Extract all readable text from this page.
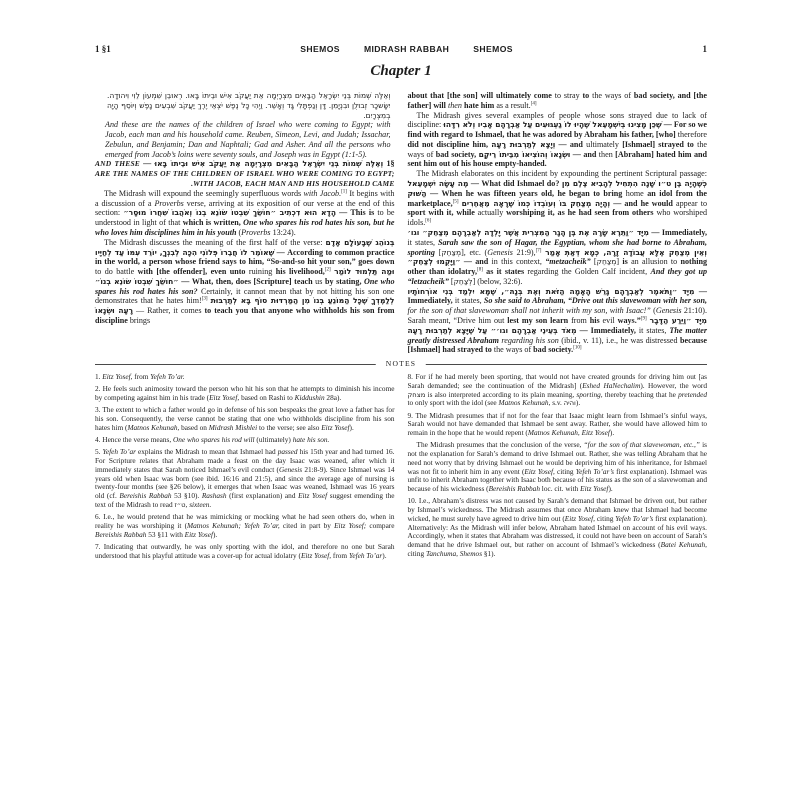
1 §1	SHEMOS	MIDRASH RABBAH	SHEMOS	1
Chapter 1

וְאֵלֶּה שְׁמוֹת בְּנֵי יִשְׂרָאֵל הַבָּאִים מִצְרָיְמָה אֵת יַעֲקֹב אִישׁ וּבֵיתוֹ בָּאוּ. רְאוּבֵן שִׁמְעוֹן לֵוִי וִיהוּדָה. יִשָּׂשכָר זְבוּלֻן וּבִנְיָמִן. דָּן וְנַפְתָּלִי גָּד וְאָשֵׁר. וַיְהִי כָּל נֶפֶשׁ יֹצְאֵי יֶרֶךְ יַעֲקֹב שִׁבְעִים נָפֶשׁ וְיוֹסֵף הָיָה בְמִצְרָיִם.

And these are the names of the children of Israel who were coming to Egypt; with Jacob, each man and his household came. Reuben, Simeon, Levi, and Judah; Issachar, Zebulun, and Benjamin; Dan and Naphtali; Gad and Asher. And all the persons who emerged from Jacob’s loins were seventy souls, and Joseph was in Egypt (1:1-5).

§1 וְאֵלֶּה שְׁמוֹת בְּנֵי יִשְׂרָאֵל הַבָּאִים מִצְרָיְמָה אֵת יַעֲקֹב אִישׁ וּבֵיתוֹ בָּאוּ — AND THESE ARE THE NAMES OF THE CHILDREN OF ISRAEL WHO WERE COMING TO EGYPT; WITH JACOB, EACH MAN AND HIS HOUSEHOLD CAME.

The Midrash will expound the seemingly superfluous words with Jacob.[1] It begins with a discussion of a Proverbs verse, arriving at its exposition of our verse at the end of this section: הָדָא הוּא דִכְתִיב ״חוֹשֵׂךְ שִׁבְטוֹ שׂוֹנֵא בְנוֹ וְאֹהֲבוֹ שִׁחֲרוֹ מוּסָר״ — This is to be understood in light of that which is written, One who spares his rod hates his son, but he who loves him disciplines him in his youth (Proverbs 13:24).

The Midrash discusses the meaning of the first half of the verse: בְּנוֹהֵג שֶׁבָּעוֹלָם אָדָם שֶׁאוֹמֵר לוֹ חֲבֵרוֹ פְּלוֹנִי הִכָּה לְבִנְךָ, יוֹרֵד עִמּוֹ עַד לְחַיָּיו — According to common practice in the world, a person whose friend says to him, “So-and-so hit your son,” goes down to do battle with [the offender], even unto ruining his livelihood,[2] וּמַה תַּלְמוּד לוֹמַר ״חוֹשֵׂךְ שִׁבְטוֹ שׂוֹנֵא בְנוֹ״ — What, then, does [Scripture] teach us by stating, One who spares his rod hates his son? Certainly, it cannot mean that by not hitting his son one demonstrates that he hates him![3] לְלַמֶּדְךָ שֶׁכָּל הַמּוֹנֵעַ בְּנוֹ מִן הַמַּרְדּוּת סוֹף בָּא לְתַרְבּוּת רָעָה וּשְׂנָאוֹ — Rather, it comes to teach you that anyone who withholds his son from discipline brings

about that [the son] will ultimately come to stray to the ways of bad society, and [the father] will then hate him as a result.[4]

The Midrash gives several examples of people whose sons strayed due to lack of discipline: שֶׁכֵּן מָצִינוּ בְּיִשְׁמָעֵאל שֶׁהָיוּ לוֹ גַעְגּוּעִים עַל אַבְרָהָם אָבִיו וְלֹא רִדָּהוּ — For so we find with regard to Ishmael, that he was adored by Abraham his father, [who] therefore did not discipline him, וְיָצָא לְתַרְבּוּת רָעָה — and ultimately [Ishmael] strayed to the ways of bad society, וּשְׂנָאוֹ וְהוֹצִיאוֹ מִבֵּיתוֹ רֵיקָם — and then [Abraham] hated him and sent him out of his house empty-handed.

The Midrash elaborates on this incident by expounding the pertinent Scriptural passage: מֶה עָשָׂה יִשְׁמָעֵאל — What did Ishmael do? כְּשֶׁהָיָה בֶּן ט״ו שָׁנָה הִתְחִיל לְהָבִיא צֶלֶם מִן הַשּׁוּק — When he was fifteen years old, he began to bring home an idol from the marketplace,[5] וְהָיָה מְצַחֵק בּוֹ וְעוֹבְדוֹ כְּמוֹ שֶׁרָאָה מֵאֲחֵרִים — and he would appear to sport with it, while actually worshiping it, as he had seen from others who worshiped idols.[6]

מִיָּד ״וַתֵּרֶא שָׂרָה אֶת בֶּן הָגָר הַמִּצְרִית אֲשֶׁר יָלְדָה לְאַבְרָהָם מְצַחֵק״ וגו׳ — Immediately, it states, Sarah saw the son of Hagar, the Egyptian, whom she had borne to Abraham, sporting [מְצַחֵק], etc. (Genesis 21:9),[7] וְאֵין מְצַחֵק אֶלָּא עֲבוֹדָה זָרָה, כְּמָא דְּאַתְּ אָמַר ״וַיָּקֻמוּ לְצַחֵק״ — and in this context, “metzacheik” [מְצַחֵק] is an allusion to nothing other than idolatry,[8] as it states regarding the Golden Calf incident, And they got up “letzacheik” [לְצַחֵק] (below, 32:6).

מִיָּד ״וַתֹּאמֶר לְאַבְרָהָם גָּרֵשׁ הָאָמָה הַזֹּאת וְאֶת בְּנָהּ״, שֶׁמָּא יִלְמַד בְּנִי אוֹרְחוֹתָיו — Immediately, it states, So she said to Abraham, “Drive out this slavewoman with her son, for the son of that slavewoman shall not inherit with my son, with Isaac!” (Genesis 21:10). Sarah meant, “Drive him out lest my son learn from his evil ways.”[9] מִיָּד ״וַיֵּרַע הַדָּבָר מְאֹד בְּעֵינֵי אַבְרָהָם וגו׳״ עַל שֶׁיָּצָא לְתַרְבּוּת רָעָה — Immediately, it states, The matter greatly distressed Abraham regarding his son (ibid., v. 11), i.e., he was distressed because [Ishmael] had strayed to the ways of bad society.[10]

NOTES

1. Eitz Yosef, from Yefeh To’ar.

2. He feels such animosity toward the person who hit his son that he attempts to diminish his income by competing against him in his trade (Eitz Yosef, based on Rashi to Kiddushin 28a).

3. The extent to which a father would go in defense of his son bespeaks the great love a father has for his son. Consequently, the verse cannot be stating that one who withholds discipline from his son hates him (Matnos Kehunah, based on Midrash Mishlei to the verse; see also Eitz Yosef).

4. Hence the verse means, One who spares his rod will (ultimately) hate his son.

5. Yefeh To’ar explains the Midrash to mean that Ishmael had passed his 15th year and had turned 16. For Scripture relates that Abraham made a feast on the day Isaac was weaned, after which it immediately states that Sarah noticed Ishmael’s evil conduct (Genesis 21:8-9). Since Ishmael was 14 years old when Isaac was born (see ibid. 16:16 and 21:5), and since the average age of nursing is twenty-four months (see §26 below), it emerges that when Isaac was weaned, Ishmael was 16 years old (cf. Bereishis Rabbah 53 §10). Rashash (first explanation) and Eitz Yosef suggest emending the text of the Midrash to read ט״ז, sixteen.

6. I.e., he would pretend that he was mimicking or mocking what he had seen others do, when in reality he was worshiping it (Matnos Kehunah; Yefeh To’ar, cited in part by Eitz Yosef; compare Bereishis Rabbah 53 §11 with Eitz Yosef).

7. Indicating that outwardly, he was only sporting with the idol, and therefore no one but Sarah understood that his playful attitude was a cover-up for actual idolatry (Eitz Yosef, from Yefeh To’ar).

8. For if he had merely been sporting, that would not have created grounds for driving him out [as Sarah demanded; see the continuation of the Midrash] (Eshed HaNechalim). However, the word מצחק is also interpreted according to its plain meaning, sporting, thereby teaching that he pretended to only sport with the idol (see Matnos Kehunah, s.v. והיה).

9. The Midrash presumes that if not for the fear that Isaac might learn from Ishmael’s sinful ways, Sarah would not have demanded that Ishmael be sent away. Rather, she would have allowed him to remain in the hope that he would repent (Matnos Kehunah, Eitz Yosef).

The Midrash presumes that the conclusion of the verse, “for the son of that slavewoman, etc.,” is not the explanation for Sarah’s demand to drive Ishmael out. Rather, she was telling Abraham that he need not worry that by driving Ishmael out he would be depriving him of his inheritance, for Ishmael was not fit to inherit him in any event (Eitz Yosef, citing Yefeh To’ar’s first explanation). Ishmael was unfit to inherit Abraham together with Isaac both because of his status as the son of a slavewoman and because of his wickedness (Bereishis Rabbah loc. cit. with Eitz Yosef).

10. I.e., Abraham’s distress was not caused by Sarah’s demand that Ishmael be driven out, but rather by Ishmael’s wickedness. The Midrash assumes that once Abraham knew that Ishmael had become wicked, he must surely have agreed to drive him out (Eitz Yosef, citing Yefeh To’ar’s first explanation). Alternatively: As the Midrash will infer below, Abraham hated Ishmael on account of his evil ways. Accordingly, when it states that Abraham was distressed, it could not have been on account of Sarah’s demand that he drive Ishmael out, but rather on account of Ishmael’s wickedness (Batei Kehunah, citing Tanchuma, Shemos §1).
